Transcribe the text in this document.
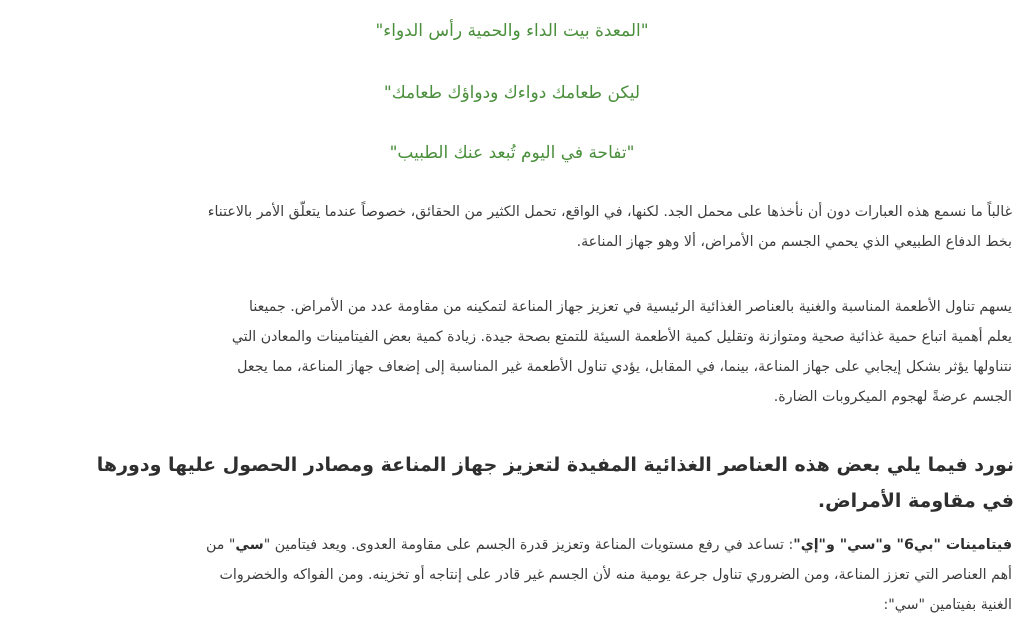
"المعدة بيت الداء والحمية رأس الدواء"
ليكن طعامك دواءك ودواؤك طعامك"
"تفاحة في اليوم تُبعد عنك الطبيب"
غالباً ما نسمع هذه العبارات دون أن نأخذها على محمل الجد. لكنها، في الواقع، تحمل الكثير من الحقائق، خصوصاً عندما يتعلّق الأمر بالاعتناء
بخط الدفاع الطبيعي الذي يحمي الجسم من الأمراض، ألا وهو جهاز المناعة.
يسهم تناول الأطعمة المناسبة والغنية بالعناصر الغذائية الرئيسية في تعزيز جهاز المناعة لتمكينه من مقاومة عدد من الأمراض. جميعنا
يعلم أهمية اتباع حمية غذائية صحية ومتوازنة وتقليل كمية الأطعمة السيئة للتمتع بصحة جيدة. زيادة كمية بعض الفيتامينات والمعادن التي
نتناولها يؤثر بشكل إيجابي على جهاز المناعة، بينما، في المقابل، يؤدي تناول الأطعمة غير المناسبة إلى إضعاف جهاز المناعة، مما يجعل
الجسم عرضةً لهجوم الميكروبات الضارة.
نورد فيما يلي بعض هذه العناصر الغذائية المفيدة لتعزيز جهاز المناعة ومصادر الحصول عليها ودورها
في مقاومة الأمراض.
فيتامينات "بي6" و"سي" و"إي": تساعد في رفع مستويات المناعة وتعزيز قدرة الجسم على مقاومة العدوى. ويعد فيتامين "سي" من
أهم العناصر التي تعزز المناعة، ومن الضروري تناول جرعة يومية منه لأن الجسم غير قادر على إنتاجه أو تخزينه. ومن الفواكه والخضروات
الغنية بفيتامين "سي":
